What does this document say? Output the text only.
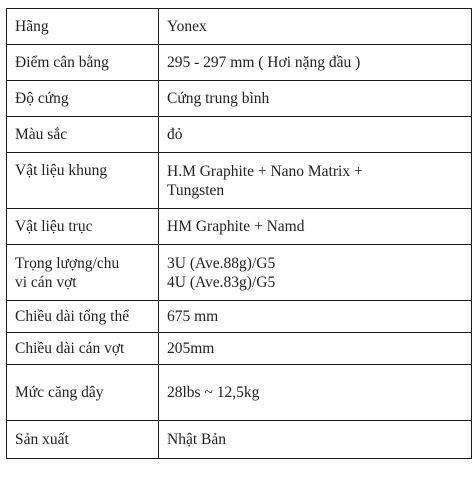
Hãng	Yonex

Điểm cân bằng	295 - 297 mm ( Hơi nặng đầu )

Độ cứng	Cứng trung bình

Màu sắc	đỏ

Vật liệu khung	H.M Graphite + Nano Matrix +
Tungsten

Vật liệu trục	HM Graphite + Namd

Trọng lượng/chu
vi cán vợt	3U (Ave.88g)/G5
4U (Ave.83g)/G5

Chiều dài tổng thể	675 mm

Chiều dài cán vợt	205mm

Mức căng dây	28lbs ~ 12,5kg

Sản xuất	Nhật Bản
